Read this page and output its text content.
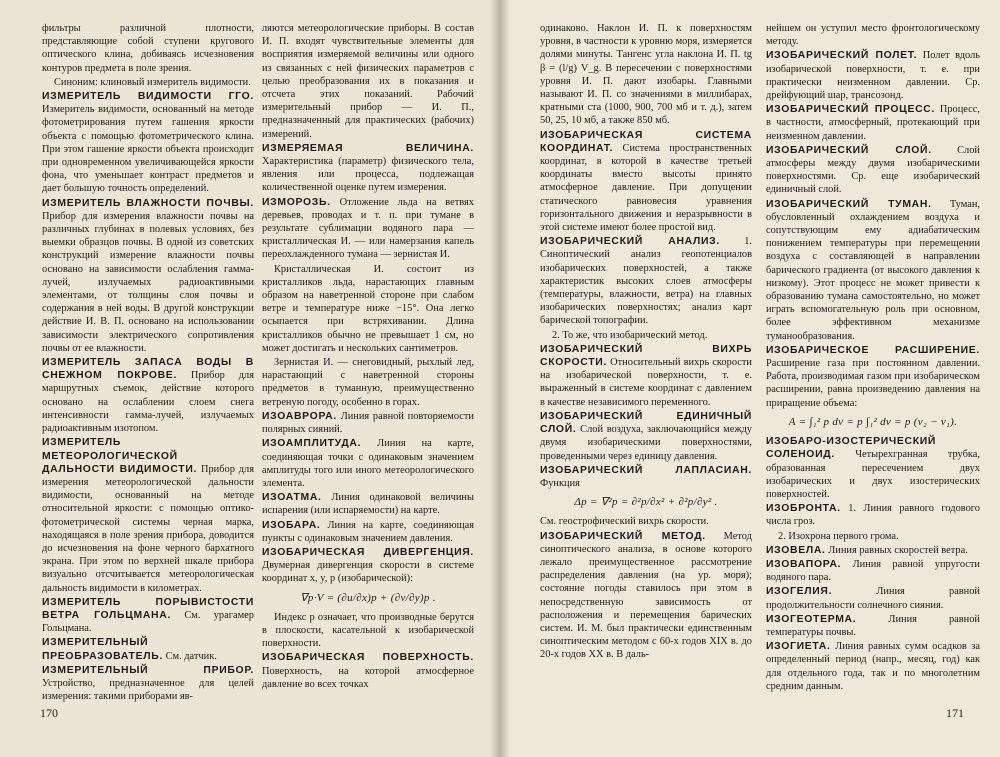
фильтры различной плотности, представляющие собой ступени кругового оптического клина, добиваясь исчезновения контуров предмета в поле зрения.
Синоним: клиновый измеритель видимости.
ИЗМЕРИТЕЛЬ ВИДИМОСТИ ГГО. Измеритель видимости, основанный на методе фотометрирования путем гашения яркости объекта с помощью фотометрического клина. При этом гашение яркости объекта происходит при одновременном увеличивающейся яркости фона, что уменьшает контраст предметов и дает большую точность определений.
ИЗМЕРИТЕЛЬ ВЛАЖНОСТИ ПОЧВЫ. Прибор для измерения влажности почвы на различных глубинах в полевых условиях, без выемки образцов почвы. В одной из советских конструкций измерение влажности почвы основано на зависимости ослабления гамма-лучей, излучаемых радиоактивными элементами, от толщины слоя почвы и содержания в ней воды. В другой конструкции действие И. В. П. основано на использовании зависимости электрического сопротивления почвы от ее влажности.
ИЗМЕРИТЕЛЬ ЗАПАСА ВОДЫ В СНЕЖНОМ ПОКРОВЕ. Прибор для маршрутных съемок, действие которого основано на ослаблении слоем снега интенсивности гамма-лучей, излучаемых радиоактивным изотопом.
ИЗМЕРИТЕЛЬ МЕТЕОРОЛОГИЧЕСКОЙ ДАЛЬНОСТИ ВИДИМОСТИ. Прибор для измерения метеорологической дальности видимости, основанный на методе относительной яркости: с помощью оптико-фотометрической системы черная марка, находящаяся в поле зрения прибора, доводится до исчезновения на фоне черного бархатного экрана. При этом по верхней шкале прибора визуально отсчитывается метеорологическая дальность видимости в километрах.
ИЗМЕРИТЕЛЬ ПОРЫВИСТОСТИ ВЕТРА ГОЛЬЦМАНА. См. урагамер Гольцмана.
ИЗМЕРИТЕЛЬНЫЙ ПРЕОБРАЗОВАТЕЛЬ. См. датчик.
ИЗМЕРИТЕЛЬНЫЙ ПРИБОР. Устройство, предназначенное для целей измерения: такими приборами яв-
ляются метеорологические приборы. В состав И. П. входят чувствительные элементы для восприятия измеряемой величины или одного из связанных с ней физических параметров с целью преобразования их в показания и отсчета этих показаний. Рабочий измерительный прибор — И. П., предназначенный для практических (рабочих) измерений.
ИЗМЕРЯЕМАЯ ВЕЛИЧИНА. Характеристика (параметр) физического тела, явления или процесса, подлежащая количественной оценке путем измерения.
ИЗМОРОЗЬ. Отложение льда на ветвях деревьев, проводах и т. п. при тумане в результате сублимации водяного пара — кристаллическая И. — или намерзания капель переохлажденного тумана — зернистая И.
Кристаллическая И. состоит из кристалликов льда, нарастающих главным образом на наветренной стороне при слабом ветре и температуре ниже −15°. Она легко осыпается при встряхивании. Длина кристалликов обычно не превышает 1 см, но может достигать и нескольких сантиметров.
Зернистая И. — снеговидный, рыхлый лед, нарастающий с наветренной стороны предметов в туманную, преимущественно ветреную погоду, особенно в горах.
ИЗОАВРОРА. Линия равной повторяемости полярных сияний.
ИЗОАМПЛИТУДА. Линия на карте, соединяющая точки с одинаковым значением амплитуды того или иного метеорологического элемента.
ИЗОАТМА. Линия одинаковой величины испарения (или испаряемости) на карте.
ИЗОБАРА. Линия на карте, соединяющая пункты с одинаковым значением давления.
ИЗОБАРИЧЕСКАЯ ДИВЕРГЕНЦИЯ. Двумерная дивергенция скорости в системе координат x, y, p (изобарической):
∇p·V = (∂u/∂x)p + (∂v/∂y)p .
Индекс p означает, что производные берутся в плоскости, касательной к изобарической поверхности.
ИЗОБАРИЧЕСКАЯ ПОВЕРХНОСТЬ. Поверхность, на которой атмосферное давление во всех точках
170
одинаково. Наклон И. П. к поверхностям уровня, в частности к уровню моря, измеряется долями минуты. Тангенс угла наклона И. П. tg β = (l/g) V_g. В пересечении с поверхностями уровня И. П. дают изобары. Главными называют И. П. со значениями в миллибарах, кратными ста (1000, 900, 700 мб и т. д.), затем 50, 25, 10 мб, а также 850 мб.
ИЗОБАРИЧЕСКАЯ СИСТЕМА КООРДИНАТ. Система пространственных координат, в которой в качестве третьей координаты вместо высоты принято атмосферное давление. При допущении статического равновесия уравнения горизонтального движения и неразрывности в этой системе имеют более простой вид.
ИЗОБАРИЧЕСКИЙ АНАЛИЗ. 1. Синоптический анализ геопотенциалов изобарических поверхностей, а также характеристик высоких слоев атмосферы (температуры, влажности, ветра) на главных изобарических поверхностях; анализ карт барической топографии.
2. То же, что изобарический метод.
ИЗОБАРИЧЕСКИЙ ВИХРЬ СКОРОСТИ. Относительный вихрь скорости на изобарической поверхности, т. е. выраженный в системе координат с давлением в качестве независимого переменного.
ИЗОБАРИЧЕСКИЙ ЕДИНИЧНЫЙ СЛОЙ. Слой воздуха, заключающийся между двумя изобарическими поверхностями, проведенными через единицу давления.
ИЗОБАРИЧЕСКИЙ ЛАПЛАСИАН. Функция
Δp = ∇²p = ∂²p/∂x² + ∂²p/∂y² .
См. геострофический вихрь скорости.
ИЗОБАРИЧЕСКИЙ МЕТОД. Метод синоптического анализа, в основе которого лежало преимущественное рассмотрение распределения давления (на ур. моря); состояние погоды ставилось при этом в непосредственную зависимость от расположения и перемещения барических систем. И. М. был практически единственным синоптическим методом с 60-х годов XIX в. до 20-х годов XX в. В даль-
нейшем он уступил место фронтологическому методу.
ИЗОБАРИЧЕСКИЙ ПОЛЕТ. Полет вдоль изобарической поверхности, т. е. при практически неизменном давлении. Ср. дрейфующий шар, трансозонд.
ИЗОБАРИЧЕСКИЙ ПРОЦЕСС. Процесс, в частности, атмосферный, протекающий при неизменном давлении.
ИЗОБАРИЧЕСКИЙ СЛОЙ. Слой атмосферы между двумя изобарическими поверхностями. Ср. еще изобарический единичный слой.
ИЗОБАРИЧЕСКИЙ ТУМАН. Туман, обусловленный охлаждением воздуха и сопутствующим ему адиабатическим понижением температуры при перемещении воздуха с составляющей в направлении барического градиента (от высокого давления к низкому). Этот процесс не может привести к образованию тумана самостоятельно, но может играть вспомогательную роль при основном, более эффективном механизме туманообразования.
ИЗОБАРИЧЕСКОЕ РАСШИРЕНИЕ. Расширение газа при постоянном давлении. Работа, производимая газом при изобарическом расширении, равна произведению давления на приращение объема:
A = ∫₁² p dv = p ∫₁² dv = p (v₂ − v₁).
ИЗОБАРО-ИЗОСТЕРИЧЕСКИЙ СОЛЕНОИД. Четырехгранная трубка, образованная пересечением двух изобарических и двух изостерических поверхностей.
ИЗОБРОНТА. 1. Линия равного годового числа гроз.
2. Изохрона первого грома.
ИЗОВЕЛА. Линия равных скоростей ветра.
ИЗОВАПОРА. Линия равной упругости водяного пара.
ИЗОГЕЛИЯ.	Линия равной продолжительности солнечного сияния.
ИЗОГЕОТЕРМА.	Линия равной температуры почвы.
ИЗОГИЕТА. Линия равных сумм осадков за определенный период (напр., месяц, год) как для отдельного года, так и по многолетним средним данным.
171
